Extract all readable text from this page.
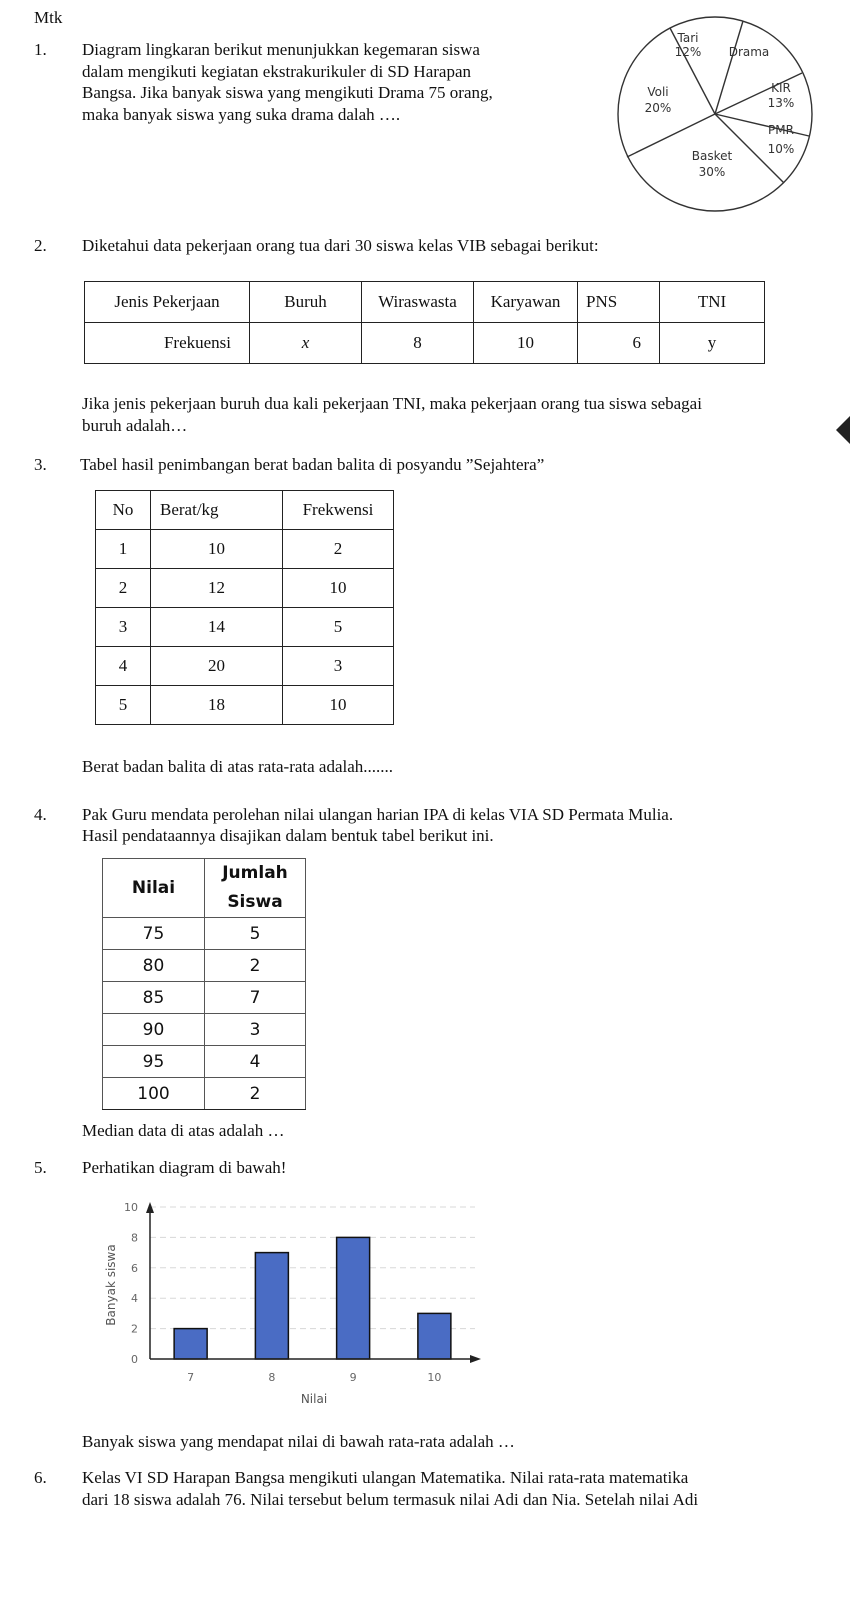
Mtk
1. Diagram lingkaran berikut menunjukkan kegemaran siswa
dalam mengikuti kegiatan ekstrakurikuler di SD Harapan
Bangsa. Jika banyak siswa yang mengikuti Drama 75 orang,
maka banyak siswa yang suka drama dalah ….
Tari
12% Drama
KIR
13%
PMR
10%
Basket
30%
Voli
20%
2. Diketahui data pekerjaan orang tua dari 30 siswa kelas VIB sebagai berikut:
Jenis Pekerjaan	Buruh	Wiraswasta	Karyawan	PNS	TNI
Frekuensi	x	8	10	6	y
Jika jenis pekerjaan buruh dua kali pekerjaan TNI, maka pekerjaan orang tua siswa sebagai
buruh adalah…
3. Tabel hasil penimbangan berat badan balita di posyandu ”Sejahtera”
No	Berat/kg	Frekwensi
1	10	2
2	12	10
3	14	5
4	20	3
5	18	10
Berat badan balita di atas rata-rata adalah.......
4. Pak Guru mendata perolehan nilai ulangan harian IPA di kelas VIA SD Permata Mulia.
Hasil pendataannya disajikan dalam bentuk tabel berikut ini.
Nilai	Jumlah
Siswa
75	5
80	2
85	7
90	3
95	4
100	2
Median data di atas adalah …
5. Perhatikan diagram di bawah!
0
2
4
6
8
10
7	8	9	10
Banyak siswa
Nilai
Banyak siswa yang mendapat nilai di bawah rata-rata adalah …
6. Kelas VI SD Harapan Bangsa mengikuti ulangan Matematika. Nilai rata-rata matematika
dari 18 siswa adalah 76. Nilai tersebut belum termasuk nilai Adi dan Nia. Setelah nilai Adi
